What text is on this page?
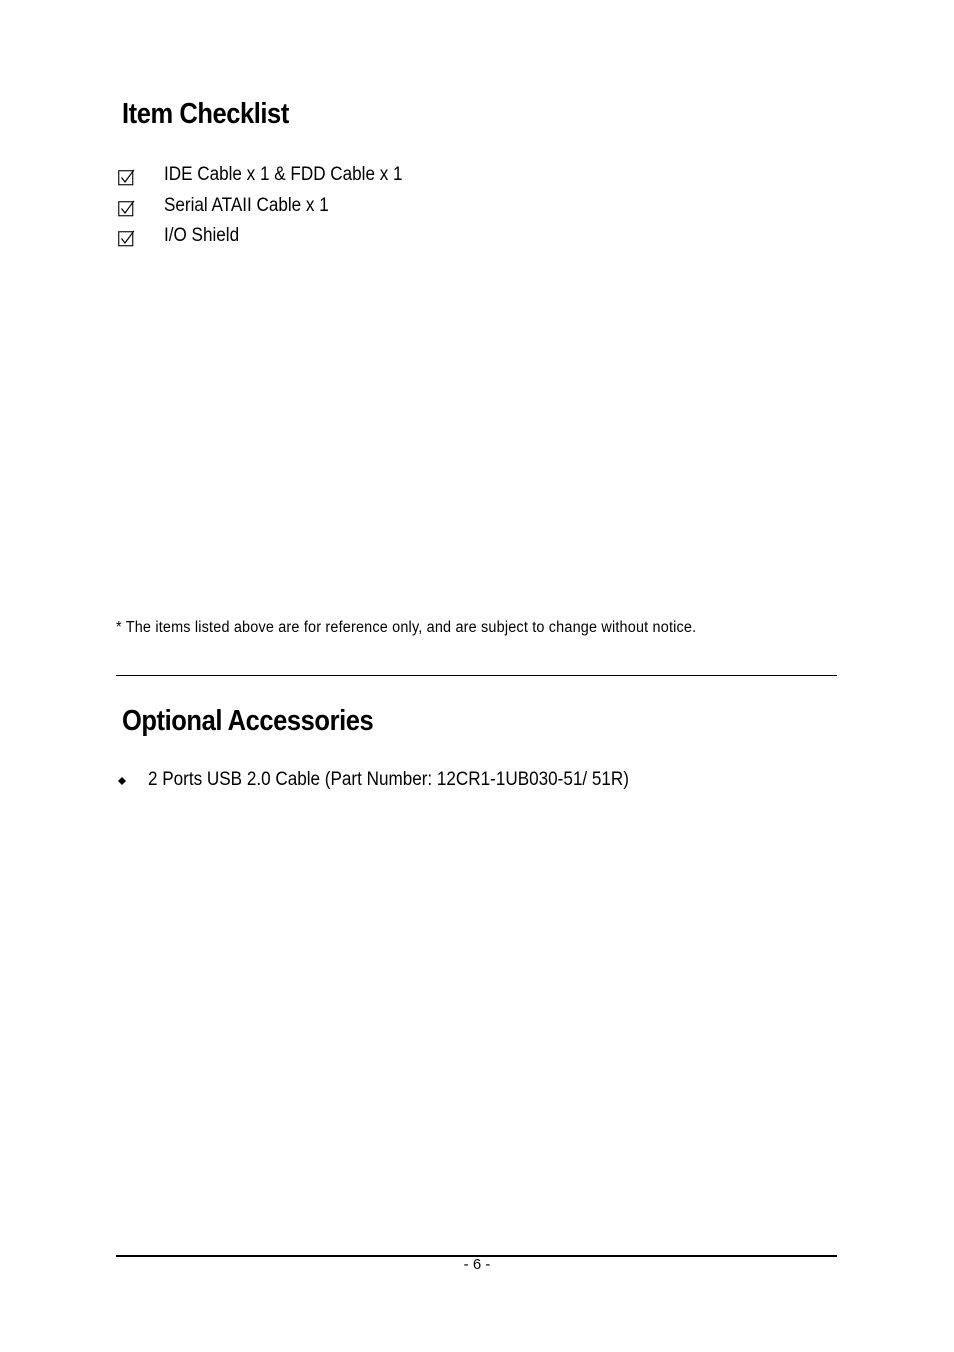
Item Checklist
IDE Cable x 1 & FDD Cable x 1
Serial ATAII Cable x 1
I/O Shield
* The items listed above are for reference only, and are subject to change without notice.
Optional Accessories
2 Ports USB 2.0 Cable (Part Number: 12CR1-1UB030-51/ 51R)
- 6 -
